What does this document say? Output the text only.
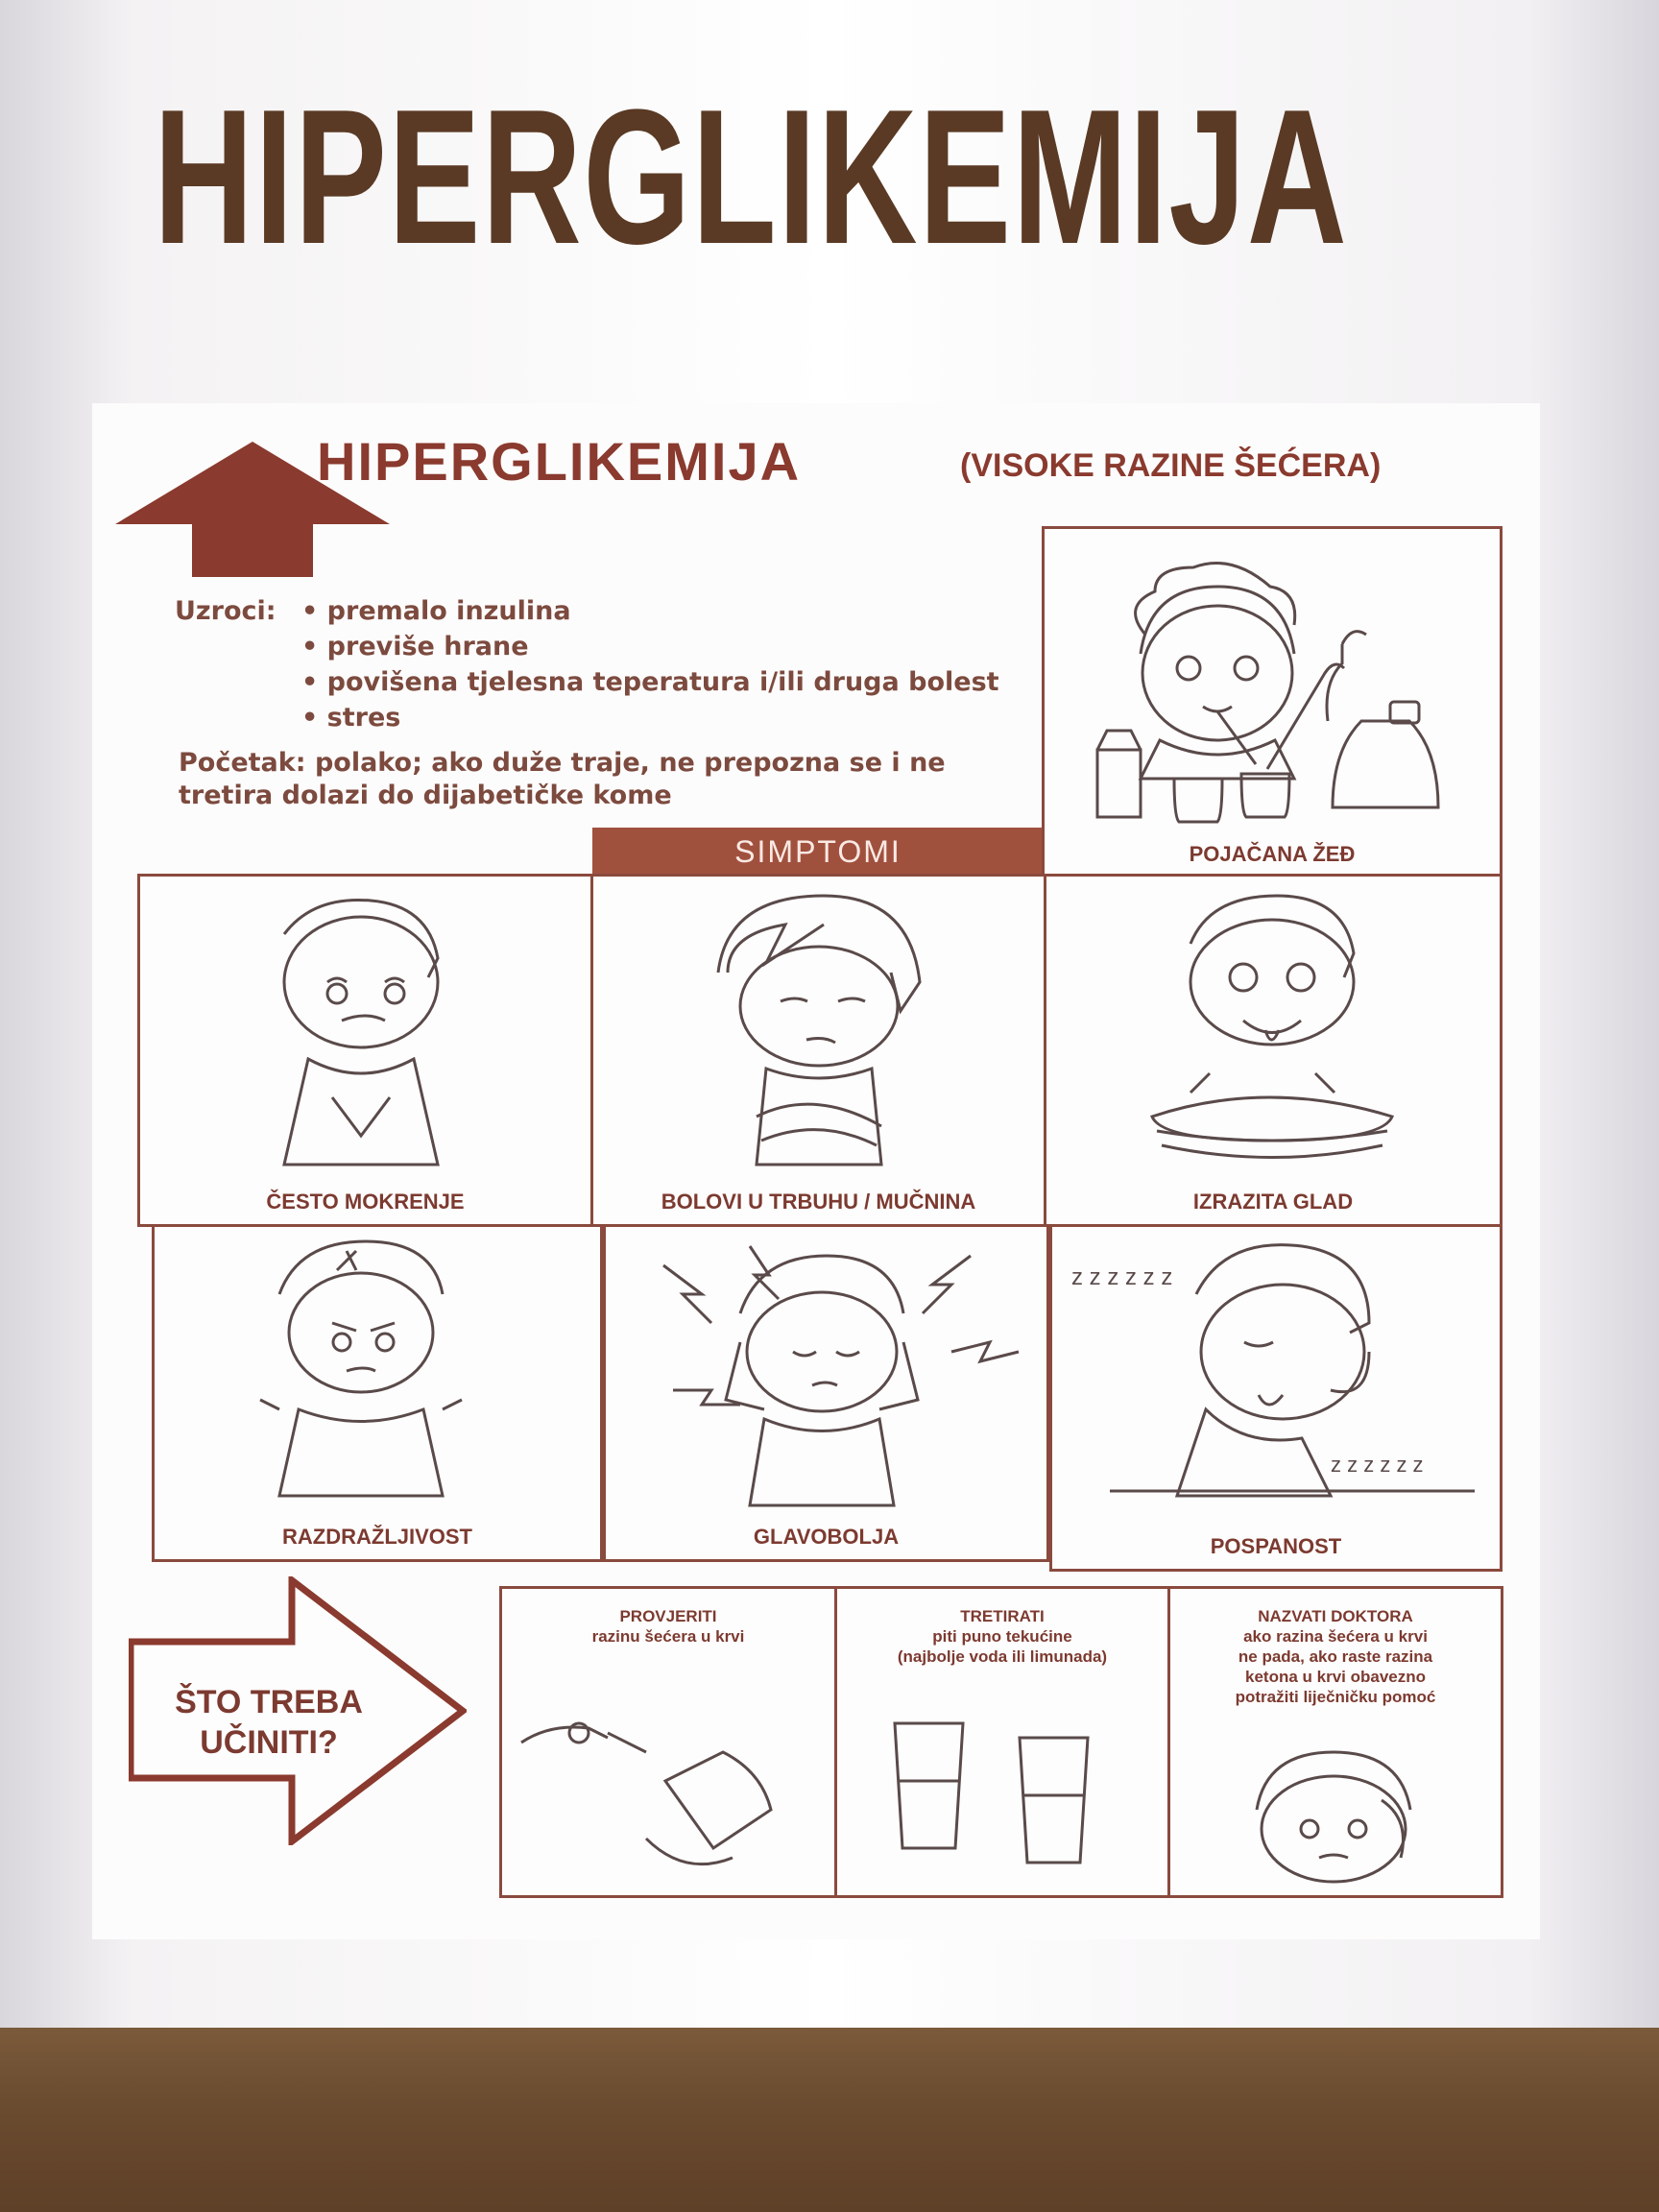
HIPERGLIKEMIJA
HIPERGLIKEMIJA	(VISOKE RAZINE ŠEĆERA)
Uzroci:
•	premalo inzulina
• previše hrane
• povišena tjelesna teperatura i/ili druga bolest
• stres
Početak: polako; ako duže traje, ne prepozna se i ne tretira dolazi do dijabetičke kome
SIMPTOMI	POJAČANA ŽEĐ
ČESTO MOKRENJE	BOLOVI U TRBUHU / MUČNINA	IZRAZITA GLAD
RAZDRAŽLJIVOST	GLAVOBOLJA
z z z z z z
z z z z z z
POSPANOST
ŠTO TREBA
UČINITI?
PROVJERITI
razinu šećera u krvi
TRETIRATI
piti puno tekućine
(najbolje voda ili limunada)
NAZVATI DOKTORA
ako razina šećera u krvi
ne pada, ako raste razina
ketona u krvi obavezno
potražiti liječničku pomoć
